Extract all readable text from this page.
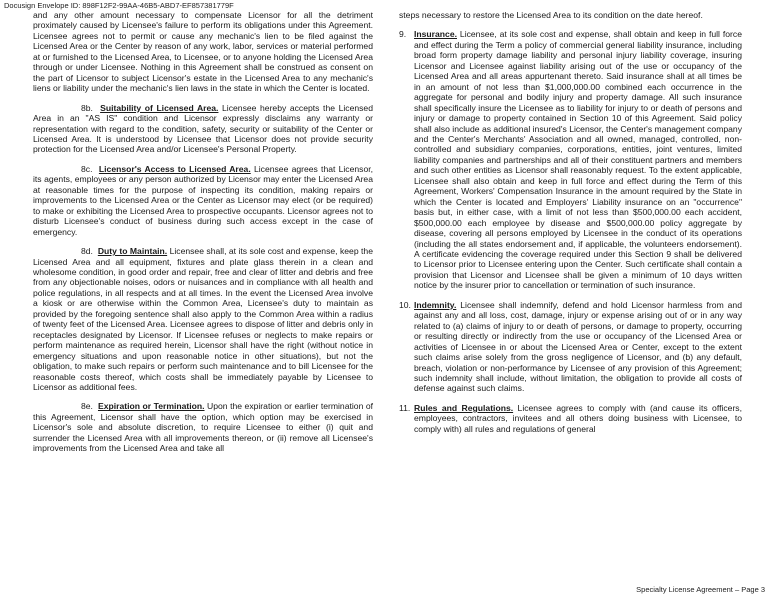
Docusign Envelope ID: 898F12F2-99AA-46B5-ABD7-EF857381779F

and any other amount necessary to compensate Licensor for all the detriment proximately caused by Licensee's failure to perform its obligations under this Agreement. Licensee agrees not to permit or cause any mechanic's lien to be filed against the Licensed Area or the Center by reason of any work, labor, services or material performed at or furnished to the Licensed Area, to Licensee, or to anyone holding the Licensed Area through or under Licensee. Nothing in this Agreement shall be construed as consent on the part of Licensor to subject Licensor's estate in the Licensed Area to any mechanic's liens or liability under the mechanic's lien laws in the state in which the Center is located.

8b. Suitability of Licensed Area. Licensee hereby accepts the Licensed Area in an "AS IS" condition and Licensor expressly disclaims any warranty or representation with regard to the condition, safety, security or suitability of the Center or Licensed Area. It is understood by Licensee that Licensor does not provide security protection for the Licensed Area and/or Licensee's Personal Property.

8c. Licensor's Access to Licensed Area. Licensee agrees that Licensor, its agents, employees or any person authorized by Licensor may enter the Licensed Area at reasonable times for the purpose of inspecting its condition, making repairs or improvements to the Licensed Area or the Center as Licensor may elect (or be required) to make or exhibiting the Licensed Area to prospective occupants. Licensor agrees not to disturb Licensee's conduct of business during such access except in the case of emergency.

8d. Duty to Maintain. Licensee shall, at its sole cost and expense, keep the Licensed Area and all equipment, fixtures and plate glass therein in a clean and wholesome condition, in good order and repair, free and clear of litter and debris and free from any objectionable noises, odors or nuisances and in compliance with all health and police regulations, in all respects and at all times. In the event the Licensed Area involve a kiosk or are otherwise within the Common Area, Licensee's duty to maintain as provided by the foregoing sentence shall also apply to the Common Area within a radius of twenty feet of the Licensed Area. Licensee agrees to dispose of litter and debris only in receptacles designated by Licensor. If Licensee refuses or neglects to make repairs or perform maintenance as required herein, Licensor shall have the right (without notice in emergency situations and upon reasonable notice in other situations), but not the obligation, to make such repairs or perform such maintenance and to bill Licensee for the reasonable costs thereof, which costs shall be immediately payable by Licensee to Licensor as additional fees.

8e. Expiration or Termination. Upon the expiration or earlier termination of this Agreement, Licensor shall have the option, which option may be exercised in Licensor's sole and absolute discretion, to require Licensee to either (i) quit and surrender the Licensed Area with all improvements thereon, or (ii) remove all Licensee's improvements from the Licensed Area and take all

steps necessary to restore the Licensed Area to its condition on the date hereof.

9. Insurance. Licensee, at its sole cost and expense, shall obtain and keep in full force and effect during the Term a policy of commercial general liability insurance, including broad form property damage liability and personal injury liability coverage, insuring Licensor and Licensee against liability arising out of the use or occupancy of the Licensed Area and all areas appurtenant thereto. Said insurance shall at all times be in an amount of not less than $1,000,000.00 combined each occurrence in the aggregate for personal and bodily injury and property damage. All such insurance shall specifically insure the Licensee as to liability for injury to or death of persons and injury or damage to property contained in Section 10 of this Agreement. Said policy shall also include as additional insured's Licensor, the Center's management company and the Center's Merchants' Association and all owned, managed, controlled, non-controlled and subsidiary companies, corporations, entities, joint ventures, limited liability companies and partnerships and all of their constituent partners and members and such other entities as Licensor shall reasonably request. To the extent applicable, Licensee shall also obtain and keep in full force and effect during the Term of this Agreement, Workers' Compensation Insurance in the amount required by the State in which the Center is located and Employers' Liability insurance on an "occurrence" basis but, in either case, with a limit of not less than $500,000.00 each accident, $500,000.00 each employee by disease and $500,000.00 policy aggregate by disease, covering all persons employed by Licensee in the conduct of its operations (including the all states endorsement and, if applicable, the volunteers endorsement). A certificate evidencing the coverage required under this Section 9 shall be delivered to Licensor prior to Licensee entering upon the Center. Such certificate shall contain a provision that Licensor and Licensee shall be given a minimum of 10 days written notice by the insurer prior to cancellation or termination of such insurance.

10. Indemnity. Licensee shall indemnify, defend and hold Licensor harmless from and against any and all loss, cost, damage, injury or expense arising out of or in any way related to (a) claims of injury to or death of persons, or damage to property, occurring or resulting directly or indirectly from the use or occupancy of the Licensed Area or activities of Licensee in or about the Licensed Area or Center, except to the extent such claims arise solely from the gross negligence of Licensor, and (b) any default, breach, violation or non-performance by Licensee of any provision of this Agreement; such indemnity shall include, without limitation, the obligation to provide all costs of defense against such claims.

11. Rules and Regulations. Licensee agrees to comply with (and cause its officers, employees, contractors, invitees and all others doing business with Licensee, to comply with) all rules and regulations of general

Specialty License Agreement – Page 3
